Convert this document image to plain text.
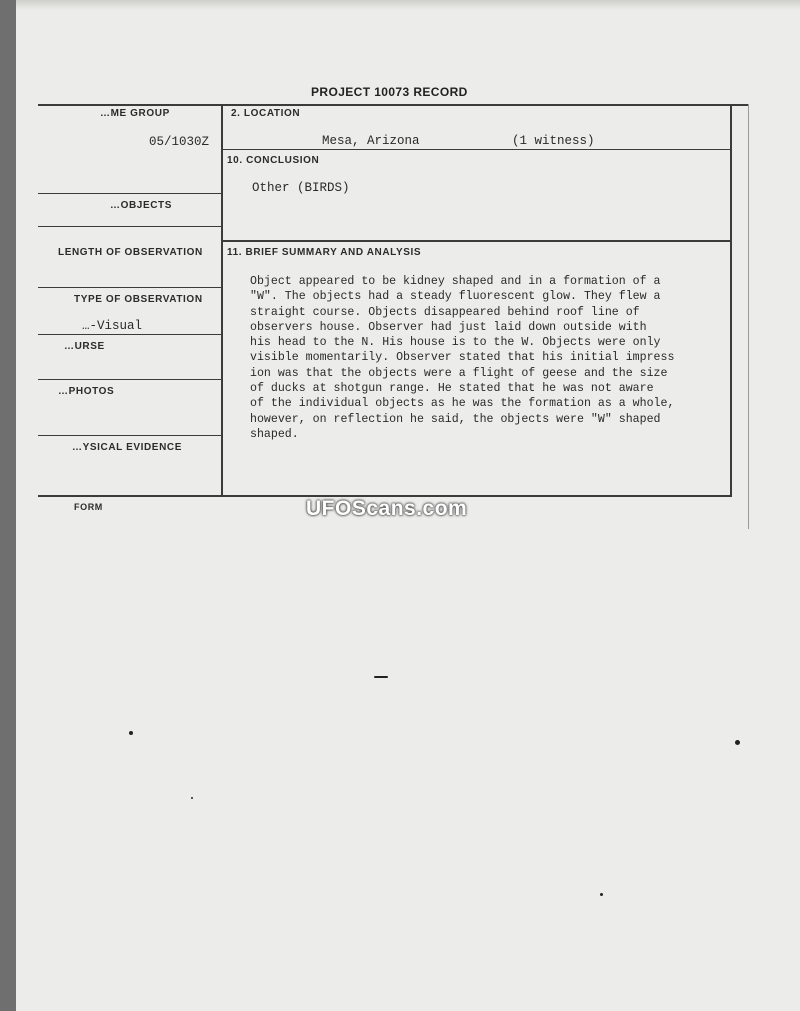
PROJECT 10073 RECORD
…ME GROUP
05/1030Z
…OBJECTS
LENGTH OF OBSERVATION
TYPE OF OBSERVATION
…-Visual
…URSE
…PHOTOS
…YSICAL EVIDENCE
2. LOCATION
Mesa, Arizona	(1 witness)
10. CONCLUSION
Other (BIRDS)
11. BRIEF SUMMARY AND ANALYSIS
Object appeared to be kidney shaped and in a formation of a
"W". The objects had a steady fluorescent glow. They flew a
straight course. Objects disappeared behind roof line of
observers house. Observer had just laid down outside with
his head to the N. His house is to the W. Objects were only
visible momentarily. Observer stated that his initial impress
ion was that the objects were a flight of geese and the size
of ducks at shotgun range. He stated that he was not aware
of the individual objects as he was the formation as a whole,
however, on reflection he said, the objects were "W" shaped
shaped.
FORM	UFOScans.com
